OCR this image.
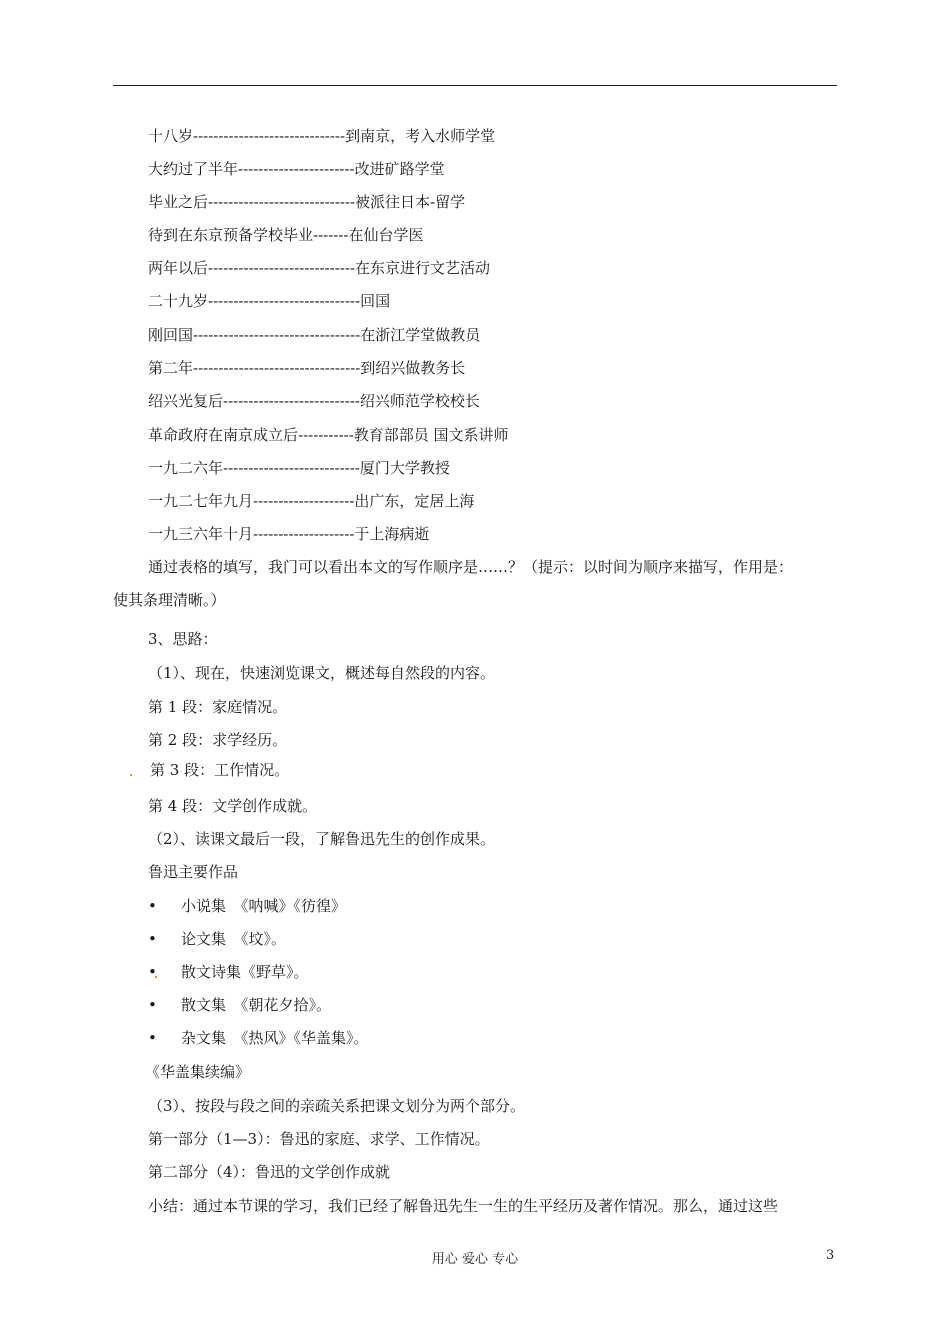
十八岁------------------------------到南京，考入水师学堂
大约过了半年-----------------------改进矿路学堂
毕业之后-----------------------------被派往日本-留学
待到在东京预备学校毕业-------在仙台学医
两年以后-----------------------------在东京进行文艺活动
二十九岁------------------------------回国
刚回国---------------------------------在浙江学堂做教员
第二年---------------------------------到绍兴做教务长
绍兴光复后---------------------------绍兴师范学校校长
革命政府在南京成立后-----------教育部部员 国文系讲师
一九二六年---------------------------厦门大学教授
一九二七年九月--------------------出广东，定居上海
一九三六年十月--------------------于上海病逝
通过表格的填写，我门可以看出本文的写作顺序是……？（提示：以时间为顺序来描写，作用是：
使其条理清晰。）
3、思路：
（1）、现在，快速浏览课文，概述每自然段的内容。
第 1 段：家庭情况。
第 2 段：求学经历。
第 3 段：工作情况。
第 4 段：文学创作成就。
（2）、读课文最后一段，了解鲁迅先生的创作成果。
鲁迅主要作品
• 小说集　《呐喊》《彷徨》
• 论文集　《坟》。
• 散文诗集《野草》。
• 散文集　《朝花夕拾》。
• 杂文集　《热风》《华盖集》。
《华盖集续编》
（3）、按段与段之间的亲疏关系把课文划分为两个部分。
第一部分（1—3）：鲁迅的家庭、求学、工作情况。
第二部分（4）：鲁迅的文学创作成就
小结：通过本节课的学习，我们已经了解鲁迅先生一生的生平经历及著作情况。那么，通过这些
用心 爱心 专心	3
